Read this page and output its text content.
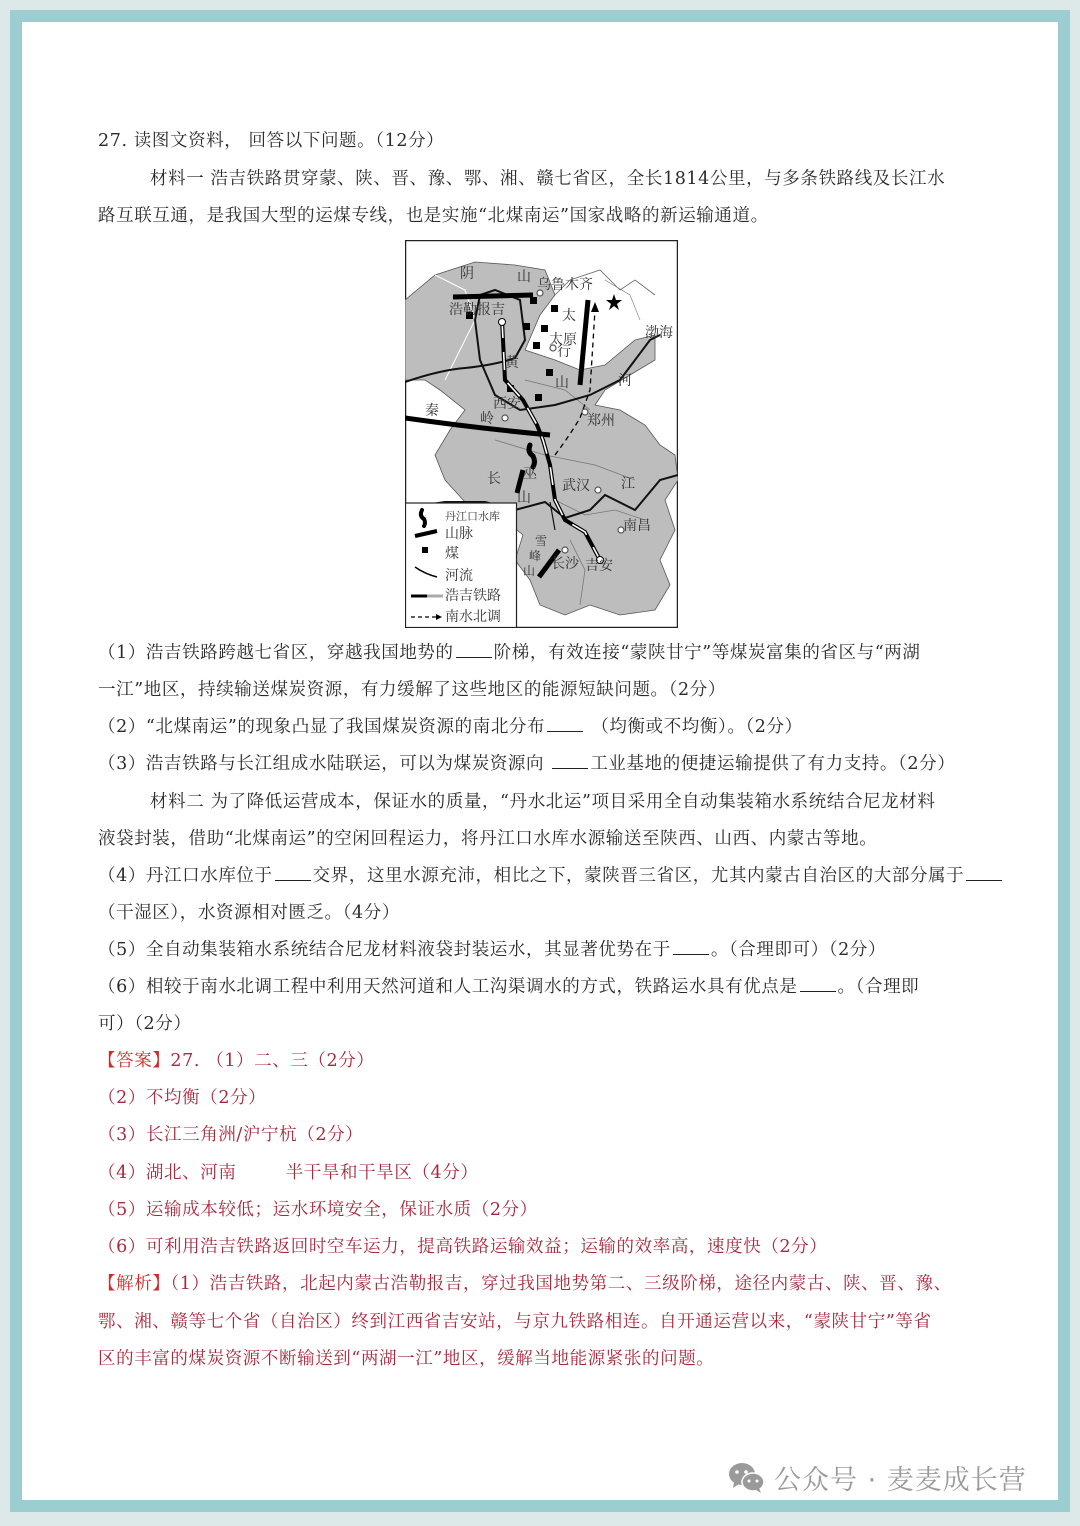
27. 读图文资料， 回答以下问题。（12分）
材料一 浩吉铁路贯穿蒙、陕、晋、豫、鄂、湘、赣七省区，全长1814公里，与多条铁路线及长江水
路互联互通，是我国大型的运煤专线，也是实施“北煤南运”国家战略的新运输通道。
阴	山 乌鲁木齐
浩勒报吉	太
太原
行
山
渤海
黄
河
西安
秦	岭	郑州
长 巫
山
武汉 江
南昌
雪
峰
山 长沙 吉安
丹江口水库
山脉
煤
河流
浩吉铁路
南水北调
（1）浩吉铁路跨越七省区，穿越我国地势的 阶梯，有效连接“蒙陕甘宁”等煤炭富集的省区与“两湖
一江”地区，持续输送煤炭资源，有力缓解了这些地区的能源短缺问题。（2分）
（2）“北煤南运”的现象凸显了我国煤炭资源的南北分布	（均衡或不均衡）。（2分）
（3）浩吉铁路与长江组成水陆联运，可以为煤炭资源向	工业基地的便捷运输提供了有力支持。（2分）
材料二 为了降低运营成本，保证水的质量，“丹水北运”项目采用全自动集装箱水系统结合尼龙材料
液袋封装，借助“北煤南运”的空闲回程运力，将丹江口水库水源输送至陕西、山西、内蒙古等地。
（4）丹江口水库位于 交界，这里水源充沛，相比之下，蒙陕晋三省区，尤其内蒙古自治区的大部分属于
（干湿区），水资源相对匮乏。（4分）
（5）全自动集装箱水系统结合尼龙材料液袋封装运水，其显著优势在于 。（合理即可）（2分）
（6）相较于南水北调工程中利用天然河道和人工沟渠调水的方式，铁路运水具有优点是 。（合理即
可）（2分）
【答案】27. （1）二、三（2分）
（2）不均衡（2分）
（3）长江三角洲/沪宁杭（2分）
（4）湖北、河南        半干旱和干旱区（4分）
（5）运输成本较低；运水环境安全，保证水质（2分）
（6）可利用浩吉铁路返回时空车运力，提高铁路运输效益；运输的效率高，速度快（2分）
【解析】（1）浩吉铁路，北起内蒙古浩勒报吉，穿过我国地势第二、三级阶梯，途径内蒙古、陕、晋、豫、
鄂、湘、赣等七个省（自治区）终到江西省吉安站，与京九铁路相连。自开通运营以来，“蒙陕甘宁”等省
区的丰富的煤炭资源不断输送到“两湖一江”地区，缓解当地能源紧张的问题。
公众号 · 麦麦成长营
